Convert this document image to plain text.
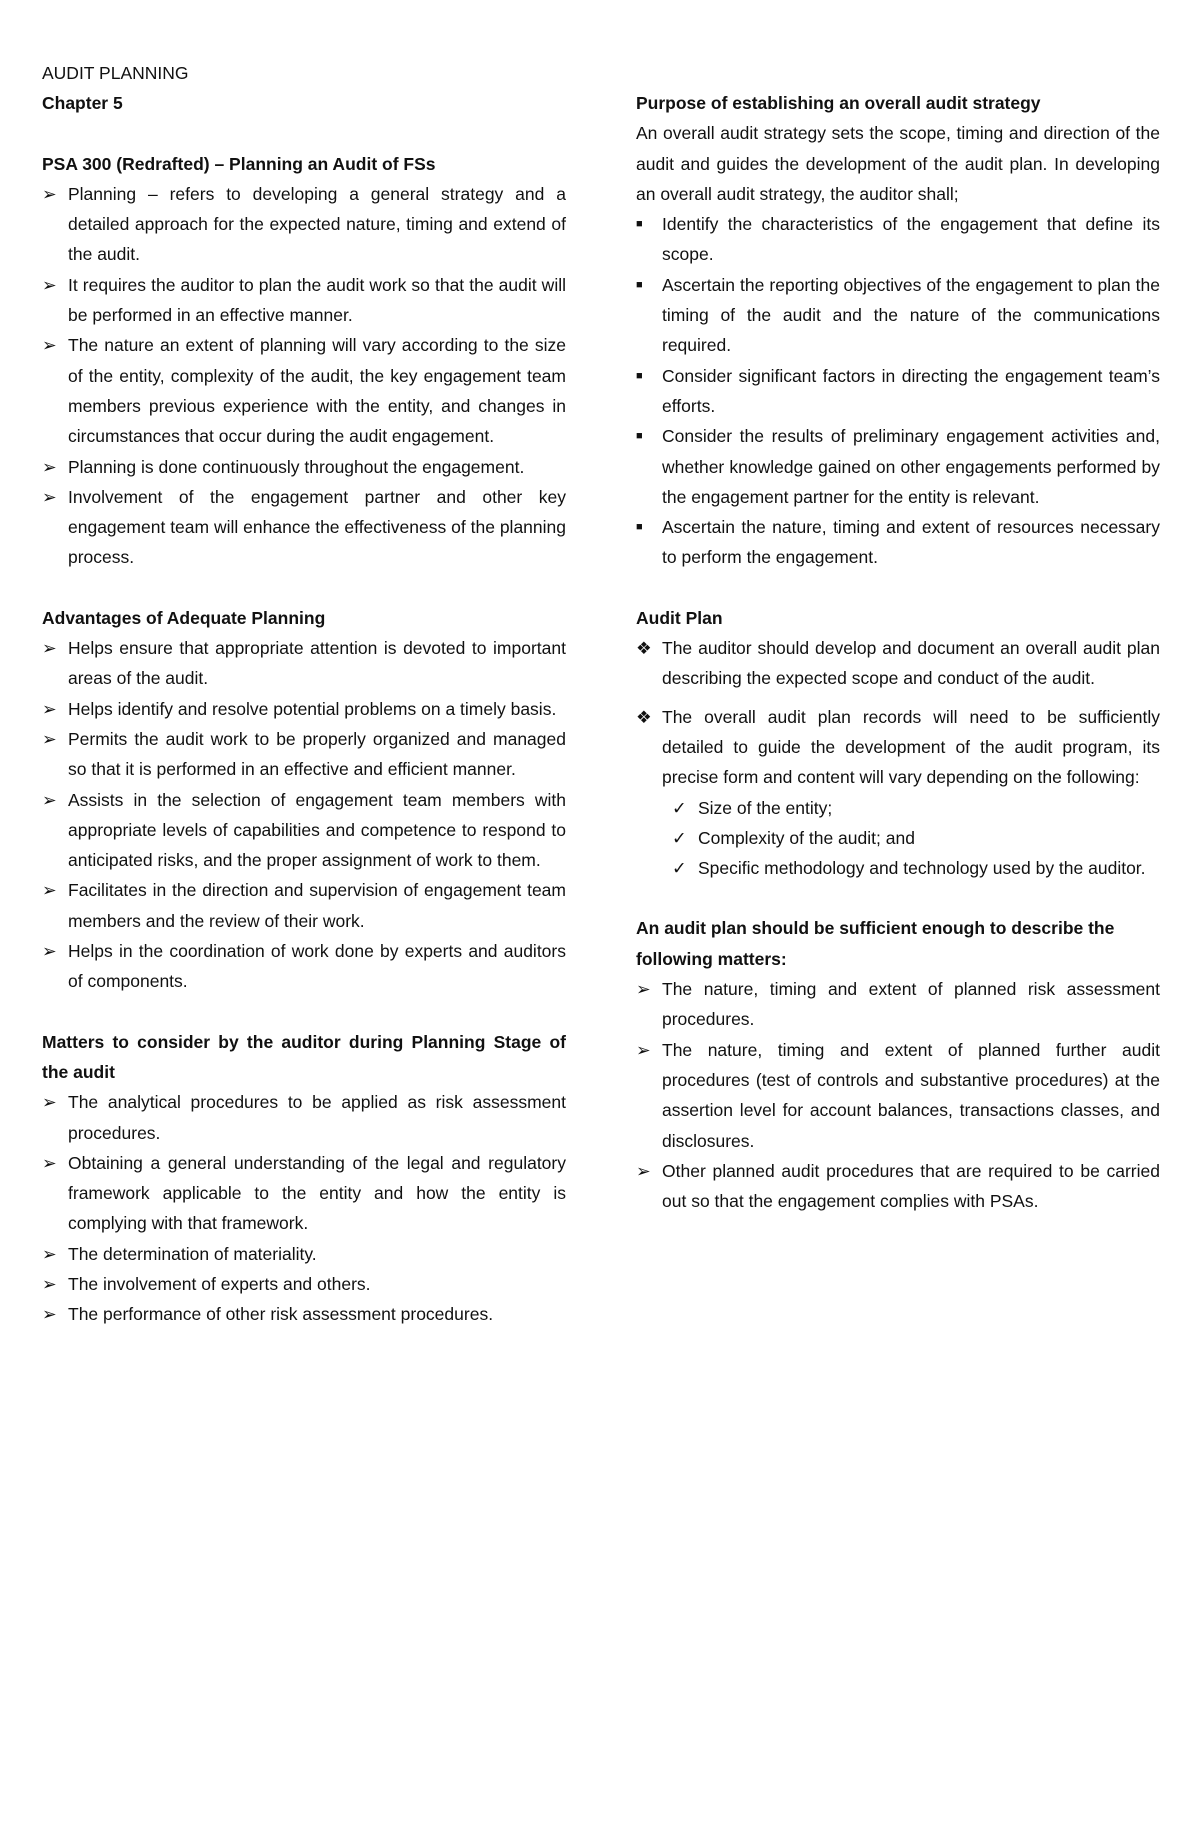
AUDIT PLANNING
Chapter 5
PSA 300 (Redrafted) – Planning an Audit of FSs
➢ Planning – refers to developing a general strategy and a detailed approach for the expected nature, timing and extend of the audit.
➢ It requires the auditor to plan the audit work so that the audit will be performed in an effective manner.
➢ The nature an extent of planning will vary according to the size of the entity, complexity of the audit, the key engagement team members previous experience with the entity, and changes in circumstances that occur during the audit engagement.
➢ Planning is done continuously throughout the engagement.
➢ Involvement of the engagement partner and other key engagement team will enhance the effectiveness of the planning process.
Advantages of Adequate Planning
➢ Helps ensure that appropriate attention is devoted to important areas of the audit.
➢ Helps identify and resolve potential problems on a timely basis.
➢ Permits the audit work to be properly organized and managed so that it is performed in an effective and efficient manner.
➢ Assists in the selection of engagement team members with appropriate levels of capabilities and competence to respond to anticipated risks, and the proper assignment of work to them.
➢ Facilitates in the direction and supervision of engagement team members and the review of their work.
➢ Helps in the coordination of work done by experts and auditors of components.
Matters to consider by the auditor during Planning Stage of the audit
➢ The analytical procedures to be applied as risk assessment procedures.
➢ Obtaining a general understanding of the legal and regulatory framework applicable to the entity and how the entity is complying with that framework.
➢ The determination of materiality.
➢ The involvement of experts and others.
➢ The performance of other risk assessment procedures.
Purpose of establishing an overall audit strategy
An overall audit strategy sets the scope, timing and direction of the audit and guides the development of the audit plan. In developing an overall audit strategy, the auditor shall;
■	Identify the characteristics of the engagement that define its scope.
■	Ascertain the reporting objectives of the engagement to plan the timing of the audit and the nature of the communications required.
■	Consider significant factors in directing the engagement team’s efforts.
■	Consider the results of preliminary engagement activities and, whether knowledge gained on other engagements performed by the engagement partner for the entity is relevant.
■	Ascertain the nature, timing and extent of resources necessary to perform the engagement.
Audit Plan
❖ The auditor should develop and document an overall audit plan describing the expected scope and conduct of the audit.
❖ The overall audit plan records will need to be sufficiently detailed to guide the development of the audit program, its precise form and content will vary depending on the following:
✓ Size of the entity;
✓ Complexity of the audit; and
✓ Specific methodology and technology used by the auditor.
An audit plan should be sufficient enough to describe the following matters:
➢ The nature, timing and extent of planned risk assessment procedures.
➢ The nature, timing and extent of planned further audit procedures (test of controls and substantive procedures) at the assertion level for account balances, transactions classes, and disclosures.
➢ Other planned audit procedures that are required to be carried out so that the engagement complies with PSAs.
